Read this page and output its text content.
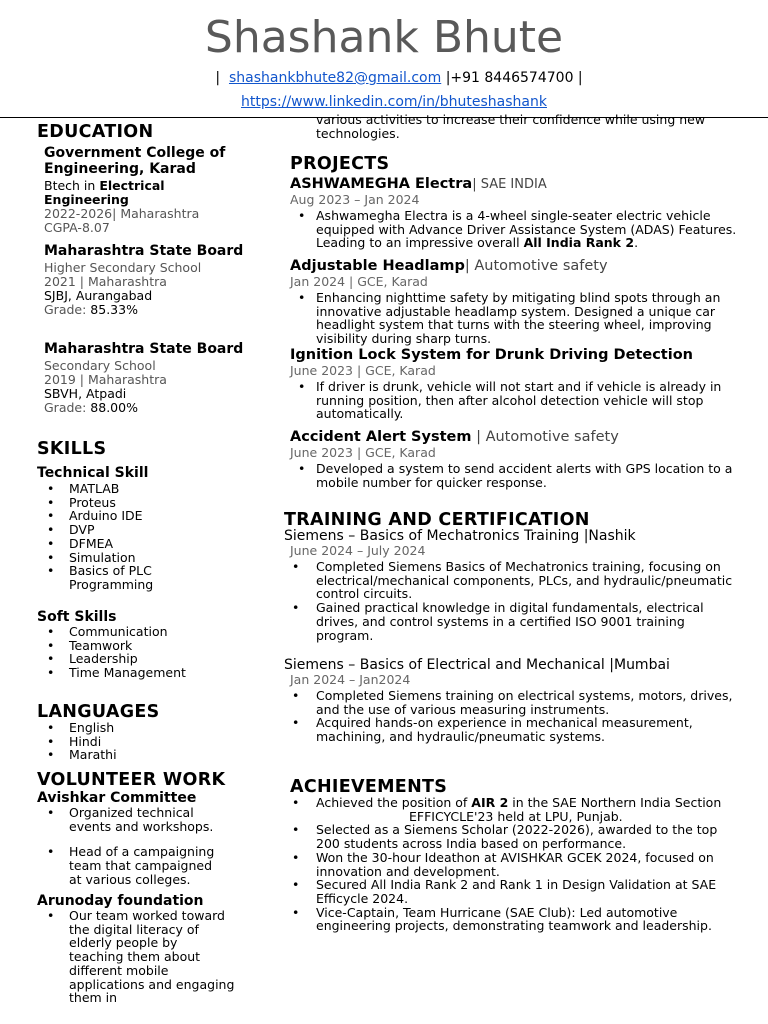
Shashank Bhute
| shashankbhute82@gmail.com |+91 8446574700 |
https://www.linkedin.com/in/bhuteshashank
EDUCATION
Government College of Engineering, Karad
Btech in Electrical Engineering
2022-2026| Maharashtra
CGPA-8.07
Maharashtra State Board
Higher Secondary School
2021 | Maharashtra
SJBJ, Aurangabad
Grade: 85.33%
Maharashtra State Board
Secondary School
2019 | Maharashtra
SBVH, Atpadi
Grade: 88.00%
SKILLS
Technical Skill
• MATLAB
• Proteus
• Arduino IDE
• DVP
• DFMEA
• Simulation
• Basics of PLC Programming
Soft Skills
• Communication
• Teamwork
• Leadership
• Time Management
LANGUAGES
• English
• Hindi
• Marathi
VOLUNTEER WORK
Avishkar Committee
• Organized technical events and workshops.
• Head of a campaigning team that campaigned at various colleges.
Arunoday foundation
• Our team worked toward the digital literacy of elderly people by teaching them about different mobile applications and engaging them in
various activities to increase their confidence while using new technologies.
PROJECTS
ASHWAMEGHA Electra| SAE INDIA
Aug 2023 – Jan 2024
• Ashwamegha Electra is a 4-wheel single-seater electric vehicle equipped with Advance Driver Assistance System (ADAS) Features. Leading to an impressive overall All India Rank 2.
Adjustable Headlamp| Automotive safety
Jan 2024 | GCE, Karad
• Enhancing nighttime safety by mitigating blind spots through an innovative adjustable headlamp system. Designed a unique car headlight system that turns with the steering wheel, improving visibility during sharp turns.
Ignition Lock System for Drunk Driving Detection
June 2023 | GCE, Karad
• If driver is drunk, vehicle will not start and if vehicle is already in running position, then after alcohol detection vehicle will stop automatically.
Accident Alert System | Automotive safety
June 2023 | GCE, Karad
• Developed a system to send accident alerts with GPS location to a mobile number for quicker response.
TRAINING AND CERTIFICATION
Siemens – Basics of Mechatronics Training |Nashik
June 2024 – July 2024
• Completed Siemens Basics of Mechatronics training, focusing on electrical/mechanical components, PLCs, and hydraulic/pneumatic control circuits.
• Gained practical knowledge in digital fundamentals, electrical drives, and control systems in a certified ISO 9001 training program.
Siemens – Basics of Electrical and Mechanical |Mumbai
Jan 2024 – Jan2024
• Completed Siemens training on electrical systems, motors, drives, and the use of various measuring instruments.
• Acquired hands-on experience in mechanical measurement, machining, and hydraulic/pneumatic systems.
ACHIEVEMENTS
• Achieved the position of AIR 2 in the SAE Northern India Section
EFFICYCLE'23 held at LPU, Punjab.
• Selected as a Siemens Scholar (2022-2026), awarded to the top 200 students across India based on performance.
• Won the 30-hour Ideathon at AVISHKAR GCEK 2024, focused on innovation and development.
• Secured All India Rank 2 and Rank 1 in Design Validation at SAE Efficycle 2024.
• Vice-Captain, Team Hurricane (SAE Club): Led automotive engineering projects, demonstrating teamwork and leadership.
